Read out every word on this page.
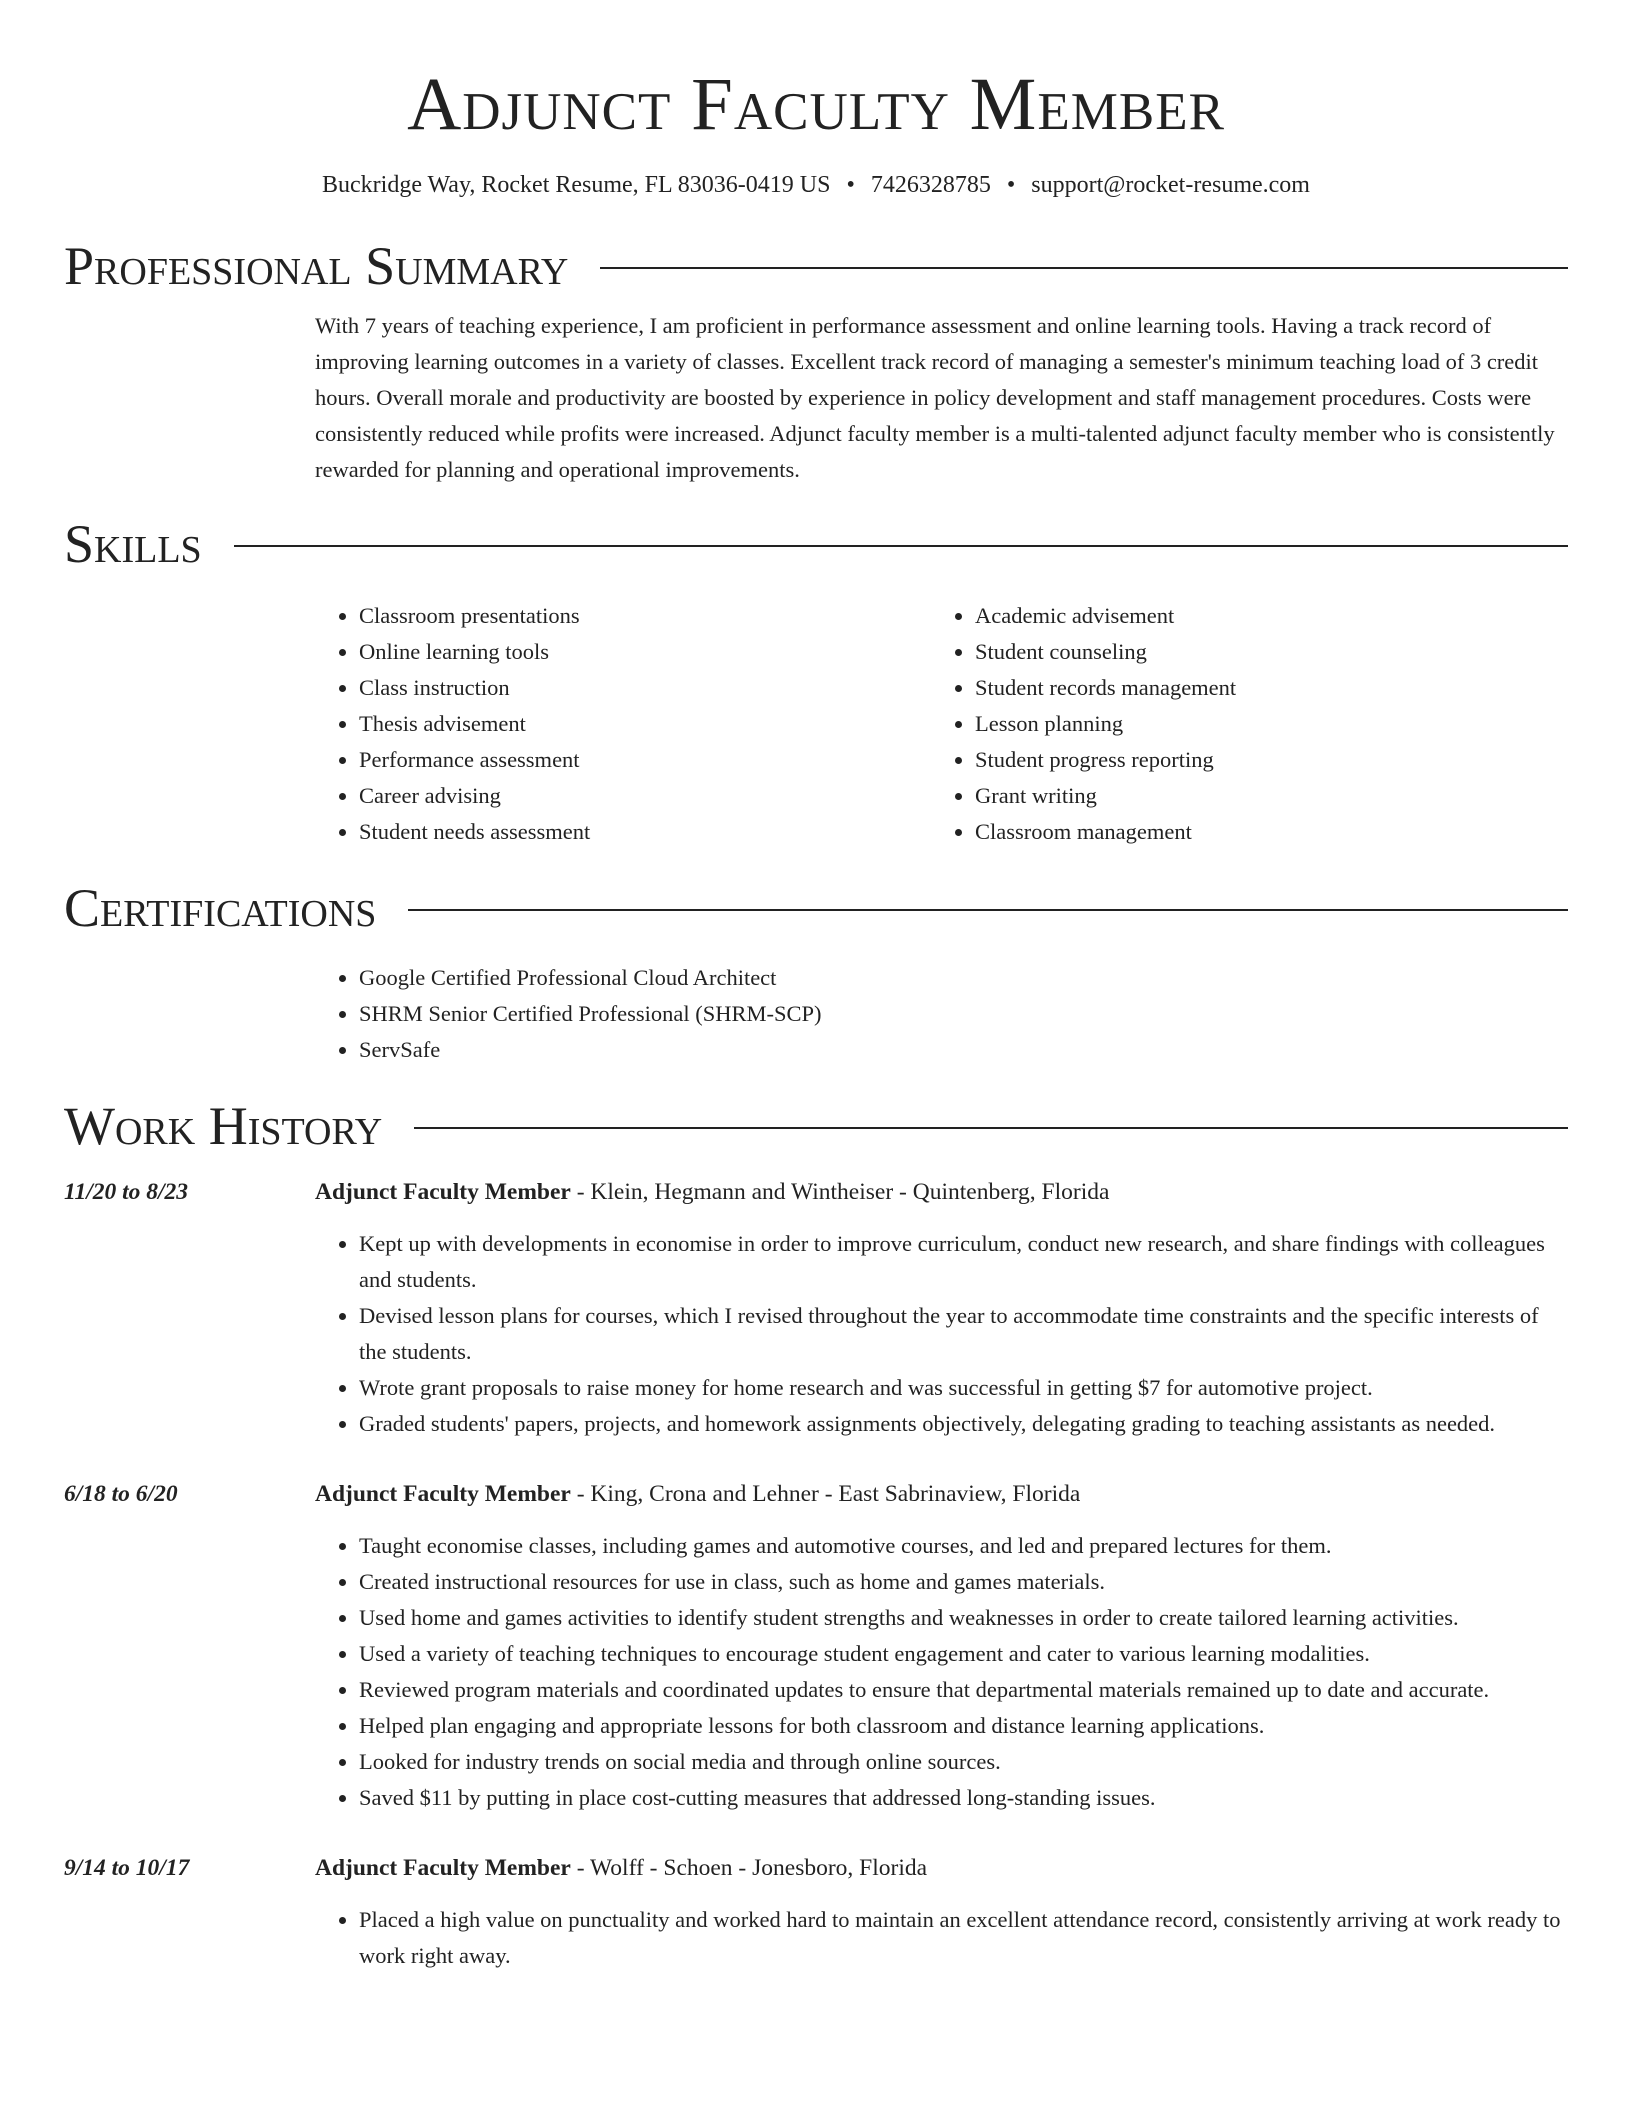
Adjunct Faculty Member
Buckridge Way, Rocket Resume, FL 83036-0419 US • 7426328785 • support@rocket-resume.com
Professional Summary

With 7 years of teaching experience, I am proficient in performance assessment and online learning tools. Having a track record of improving learning outcomes in a variety of classes. Excellent track record of managing a semester's minimum teaching load of 3 credit hours. Overall morale and productivity are boosted by experience in policy development and staff management procedures. Costs were consistently reduced while profits were increased. Adjunct faculty member is a multi-talented adjunct faculty member who is consistently rewarded for planning and operational improvements.

Skills
• Classroom presentations
• Online learning tools
• Class instruction
• Thesis advisement
• Performance assessment
• Career advising
• Student needs assessment
• Academic advisement
• Student counseling
• Student records management
• Lesson planning
• Student progress reporting
• Grant writing
• Classroom management
Certifications
• Google Certified Professional Cloud Architect
• SHRM Senior Certified Professional (SHRM-SCP)
• ServSafe
Work History
11/20 to 8/23	Adjunct Faculty Member - Klein, Hegmann and Wintheiser - Quintenberg, Florida
• Kept up with developments in economise in order to improve curriculum, conduct new research, and share findings with colleagues and students.
• Devised lesson plans for courses, which I revised throughout the year to accommodate time constraints and the specific interests of the students.
• Wrote grant proposals to raise money for home research and was successful in getting $7 for automotive project.
• Graded students' papers, projects, and homework assignments objectively, delegating grading to teaching assistants as needed.
6/18 to 6/20	Adjunct Faculty Member - King, Crona and Lehner - East Sabrinaview, Florida
• Taught economise classes, including games and automotive courses, and led and prepared lectures for them.
• Created instructional resources for use in class, such as home and games materials.
• Used home and games activities to identify student strengths and weaknesses in order to create tailored learning activities.
• Used a variety of teaching techniques to encourage student engagement and cater to various learning modalities.
• Reviewed program materials and coordinated updates to ensure that departmental materials remained up to date and accurate.
• Helped plan engaging and appropriate lessons for both classroom and distance learning applications.
• Looked for industry trends on social media and through online sources.
• Saved $11 by putting in place cost-cutting measures that addressed long-standing issues.
9/14 to 10/17	Adjunct Faculty Member - Wolff - Schoen - Jonesboro, Florida
• Placed a high value on punctuality and worked hard to maintain an excellent attendance record, consistently arriving at work ready to work right away.
